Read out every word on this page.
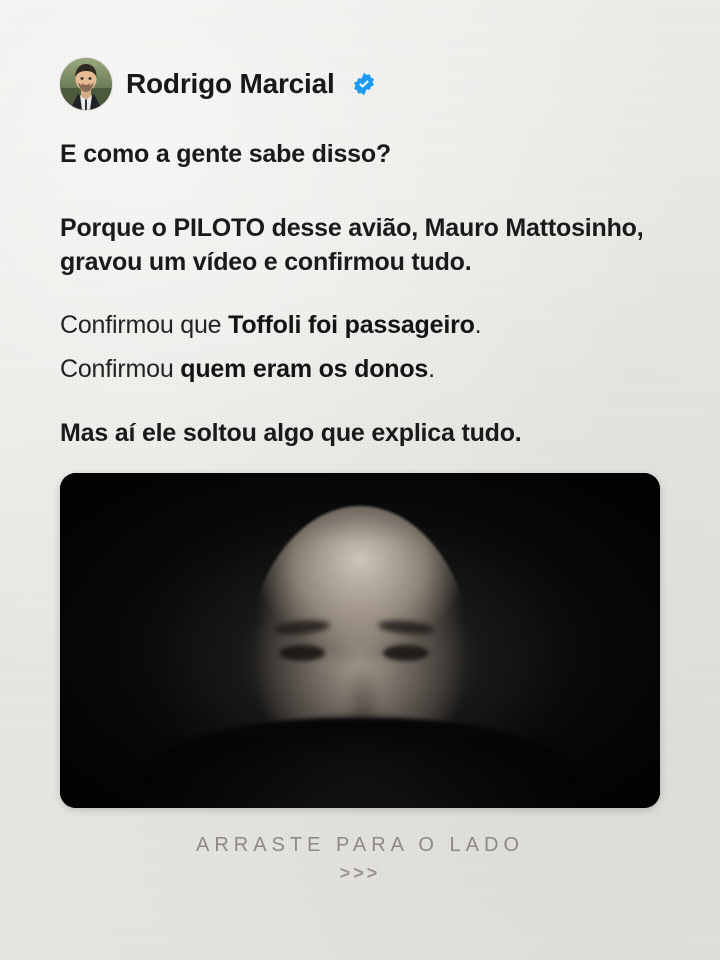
Rodrigo Marcial

E como a gente sabe disso?

Porque o PILOTO desse avião, Mauro Mattosinho, gravou um vídeo e confirmou tudo.

Confirmou que Toffoli foi passageiro.

Confirmou quem eram os donos.

Mas aí ele soltou algo que explica tudo.

ARRASTE PARA O LADO
>>>
